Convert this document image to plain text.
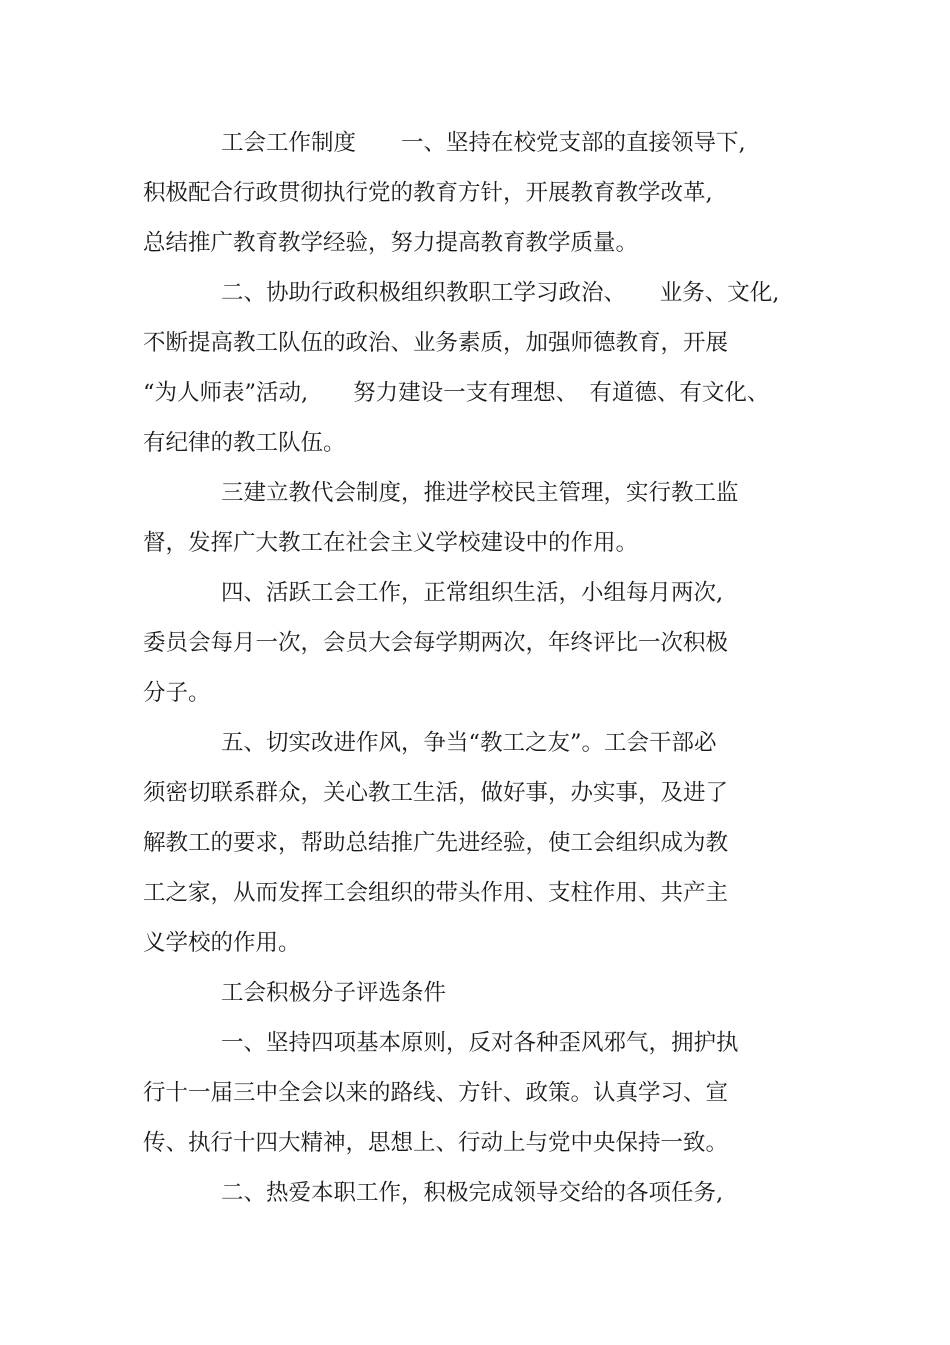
工会工作制度　　一、坚持在校党支部的直接领导下,
积极配合行政贯彻执行党的教育方针，开展教育教学改革,
总结推广教育教学经验，努力提高教育教学质量。
二、协助行政积极组织教职工学习政治、　　业务、文化,
不断提高教工队伍的政治、业务素质，加强师德教育，开展
“为人师表”活动,　　努力建设一支有理想、　有道德、有文化、
有纪律的教工队伍。
三建立教代会制度，推进学校民主管理，实行教工监
督，发挥广大教工在社会主义学校建设中的作用。
四、活跃工会工作，正常组织生活，小组每月两次,
委员会每月一次，会员大会每学期两次，年终评比一次积极
分子。
五、切实改进作风，争当“教工之友”。工会干部必
须密切联系群众，关心教工生活，做好事，办实事，及进了
解教工的要求，帮助总结推广先进经验，使工会组织成为教
工之家，从而发挥工会组织的带头作用、支柱作用、共产主
义学校的作用。
工会积极分子评选条件
一、坚持四项基本原则，反对各种歪风邪气，拥护执
行十一届三中全会以来的路线、方针、政策。认真学习、宣
传、执行十四大精神，思想上、行动上与党中央保持一致。
二、热爱本职工作，积极完成领导交给的各项任务,
